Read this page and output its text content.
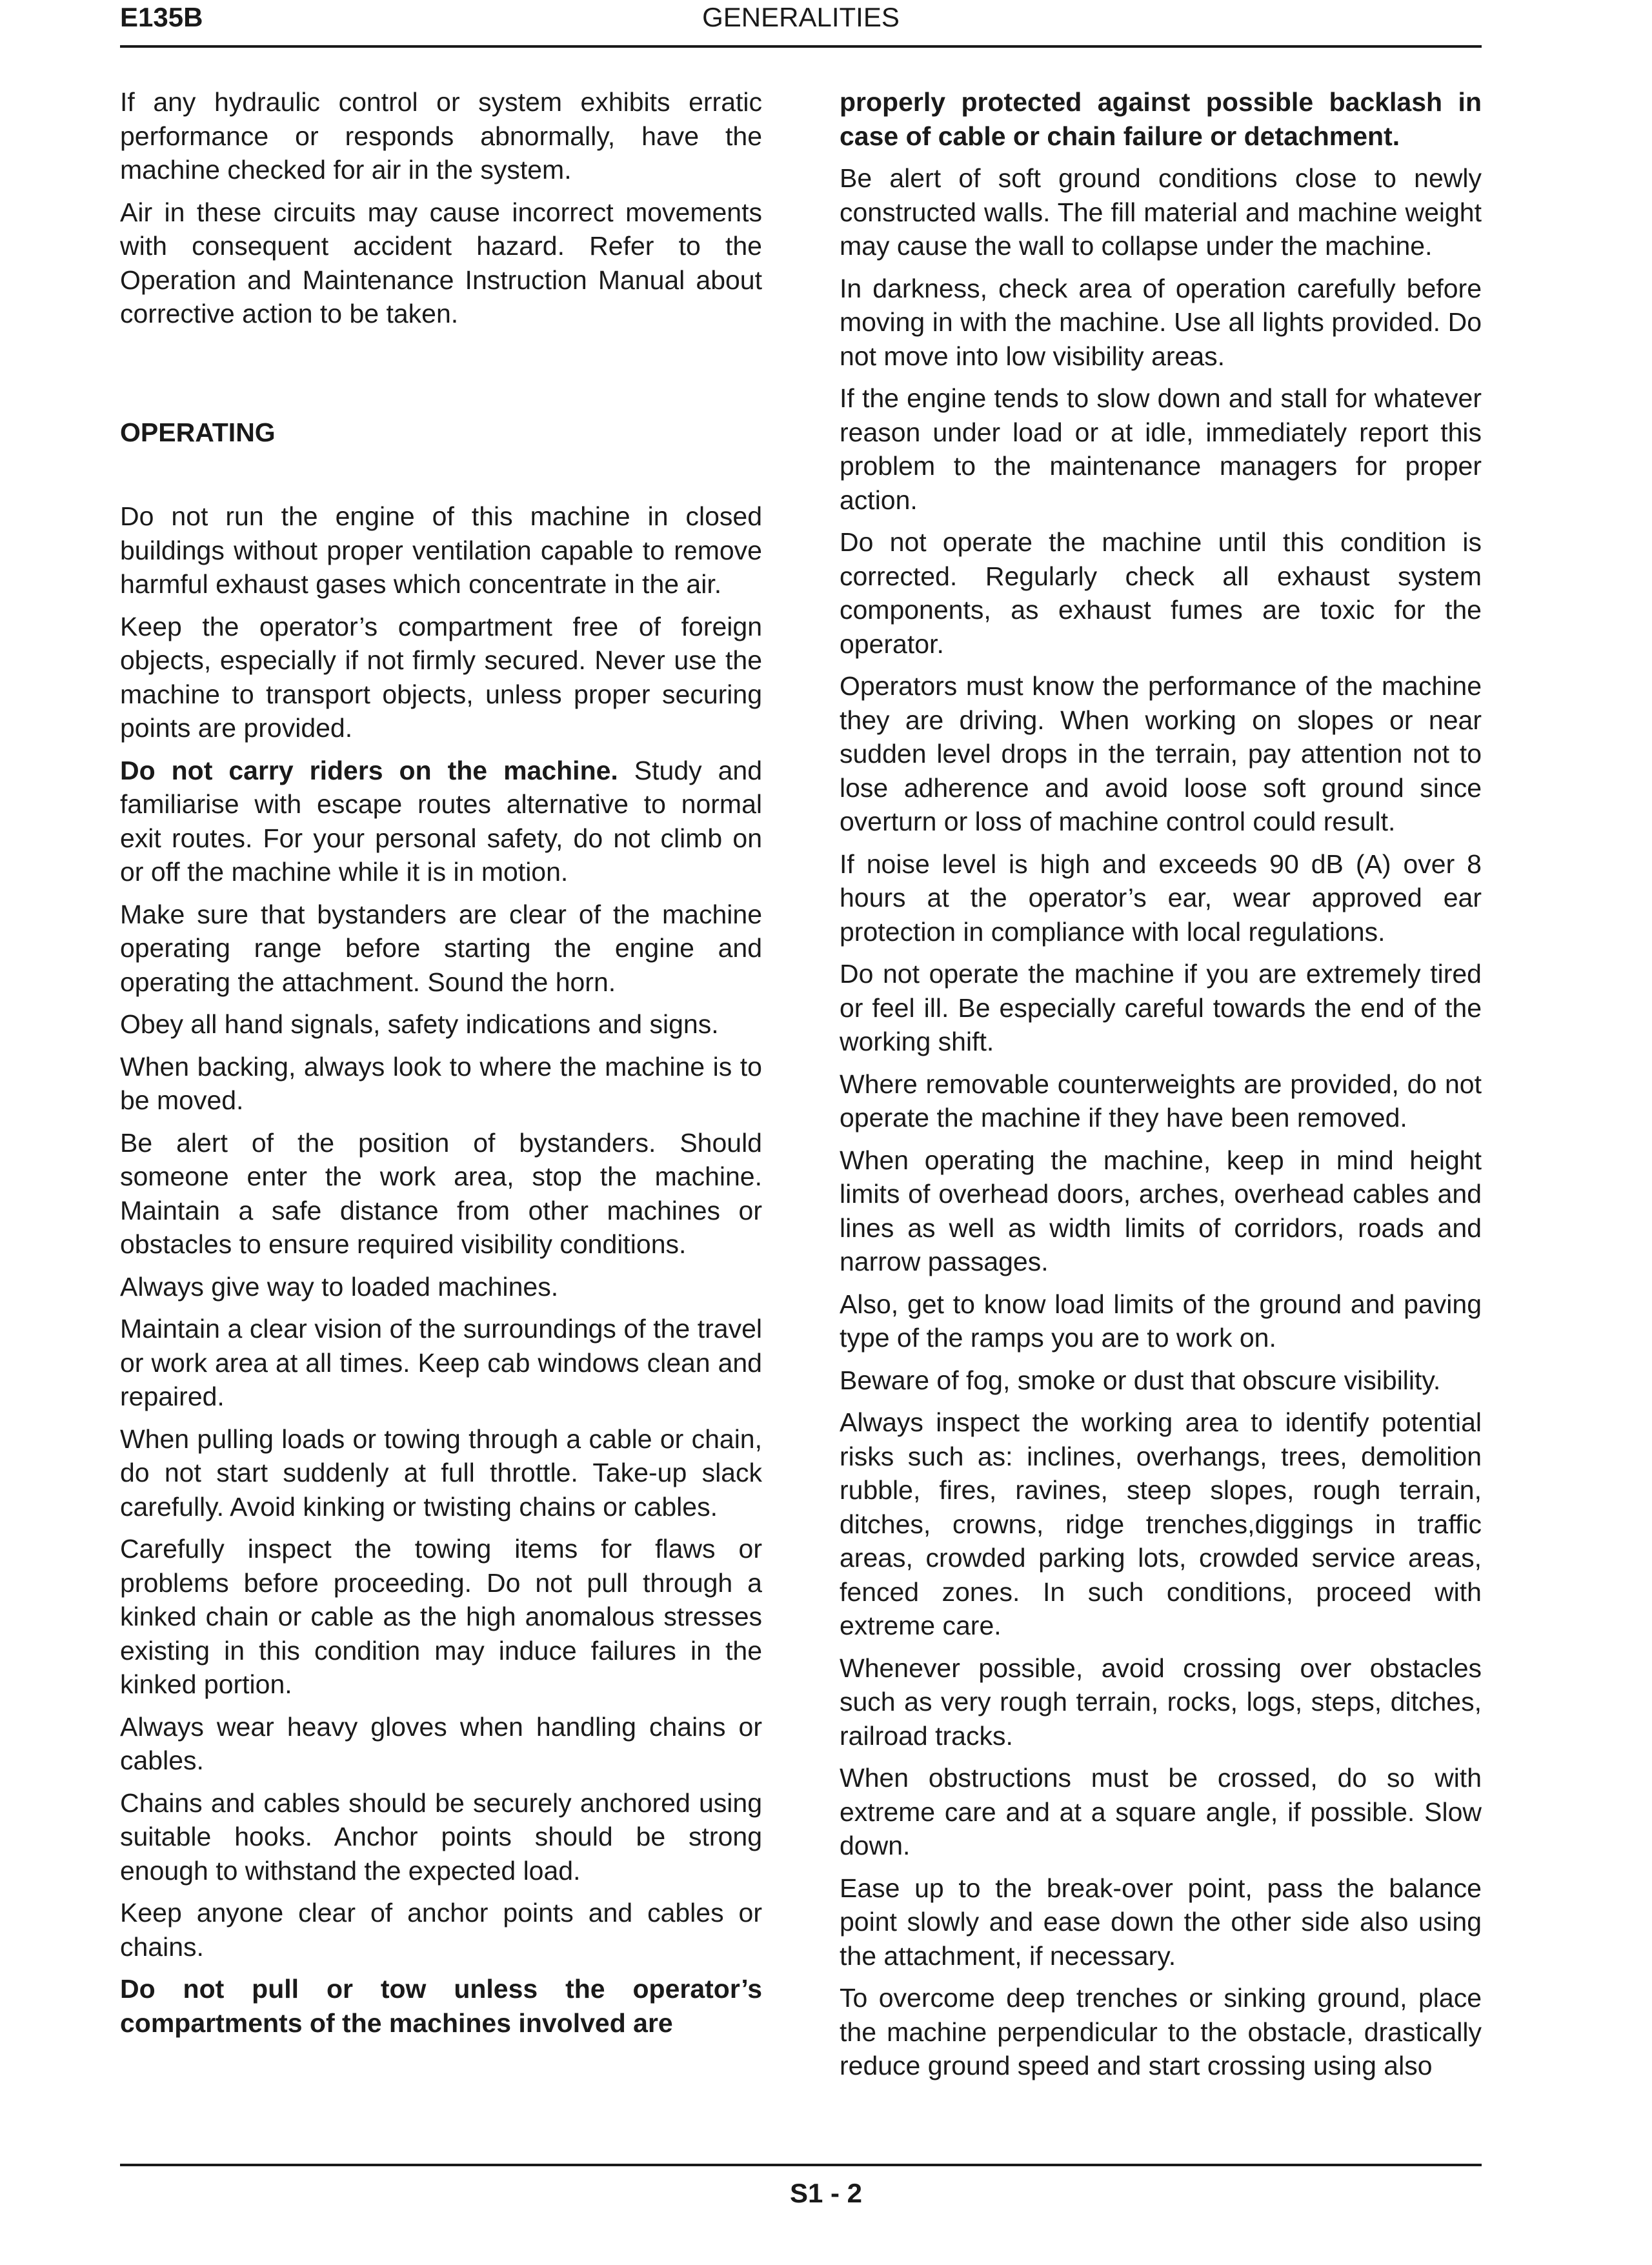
E135B	GENERALITIES

If any hydraulic control or system exhibits erratic performance or responds abnormally, have the machine checked for air in the system.

Air in these circuits may cause incorrect movements with consequent accident hazard. Refer to the Operation and Maintenance Instruction Manual about corrective action to be taken.

OPERATING

Do not run the engine of this machine in closed buildings without proper ventilation capable to remove harmful exhaust gases which concentrate in the air.

Keep the operator’s compartment free of foreign objects, especially if not firmly secured. Never use the machine to transport objects, unless proper securing points are provided.

Do not carry riders on the machine. Study and familiarise with escape routes alternative to normal exit routes. For your personal safety, do not climb on or off the machine while it is in motion.

Make sure that bystanders are clear of the machine operating range before starting the engine and operating the attachment. Sound the horn.

Obey all hand signals, safety indications and signs.

When backing, always look to where the machine is to be moved.

Be alert of the position of bystanders. Should someone enter the work area, stop the machine. Maintain a safe distance from other machines or obstacles to ensure required visibility conditions.

Always give way to loaded machines.

Maintain a clear vision of the surroundings of the travel or work area at all times. Keep cab windows clean and repaired.

When pulling loads or towing through a cable or chain, do not start suddenly at full throttle. Take-up slack carefully. Avoid kinking or twisting chains or cables.

Carefully inspect the towing items for flaws or problems before proceeding. Do not pull through a kinked chain or cable as the high anomalous stresses existing in this condition may induce failures in the kinked portion.

Always wear heavy gloves when handling chains or cables.

Chains and cables should be securely anchored using suitable hooks. Anchor points should be strong enough to withstand the expected load.

Keep anyone clear of anchor points and cables or chains.

Do not pull or tow unless the operator’s compartments of the machines involved are

properly protected against possible backlash in case of cable or chain failure or detachment.

Be alert of soft ground conditions close to newly constructed walls. The fill material and machine weight may cause the wall to collapse under the machine.

In darkness, check area of operation carefully before moving in with the machine. Use all lights provided. Do not move into low visibility areas.

If the engine tends to slow down and stall for whatever reason under load or at idle, immediately report this problem to the maintenance managers for proper action.

Do not operate the machine until this condition is corrected. Regularly check all exhaust system components, as exhaust fumes are toxic for the operator.

Operators must know the performance of the machine they are driving. When working on slopes or near sudden level drops in the terrain, pay attention not to lose adherence and avoid loose soft ground since overturn or loss of machine control could result.

If noise level is high and exceeds 90 dB (A) over 8 hours at the operator’s ear, wear approved ear protection in compliance with local regulations.

Do not operate the machine if you are extremely tired or feel ill. Be especially careful towards the end of the working shift.

Where removable counterweights are provided, do not operate the machine if they have been removed.

When operating the machine, keep in mind height limits of overhead doors, arches, overhead cables and lines as well as width limits of corridors, roads and narrow passages.

Also, get to know load limits of the ground and paving type of the ramps you are to work on.

Beware of fog, smoke or dust that obscure visibility.

Always inspect the working area to identify potential risks such as: inclines, overhangs, trees, demolition rubble, fires, ravines, steep slopes, rough terrain, ditches, crowns, ridge trenches,diggings in traffic areas, crowded parking lots, crowded service areas, fenced zones. In such conditions, proceed with extreme care.

Whenever possible, avoid crossing over obstacles such as very rough terrain, rocks, logs, steps, ditches, railroad tracks.

When obstructions must be crossed, do so with extreme care and at a square angle, if possible. Slow down.

Ease up to the break-over point, pass the balance point slowly and ease down the other side also using the attachment, if necessary.

To overcome deep trenches or sinking ground, place the machine perpendicular to the obstacle, drastically reduce ground speed and start crossing using also

S1 - 2
